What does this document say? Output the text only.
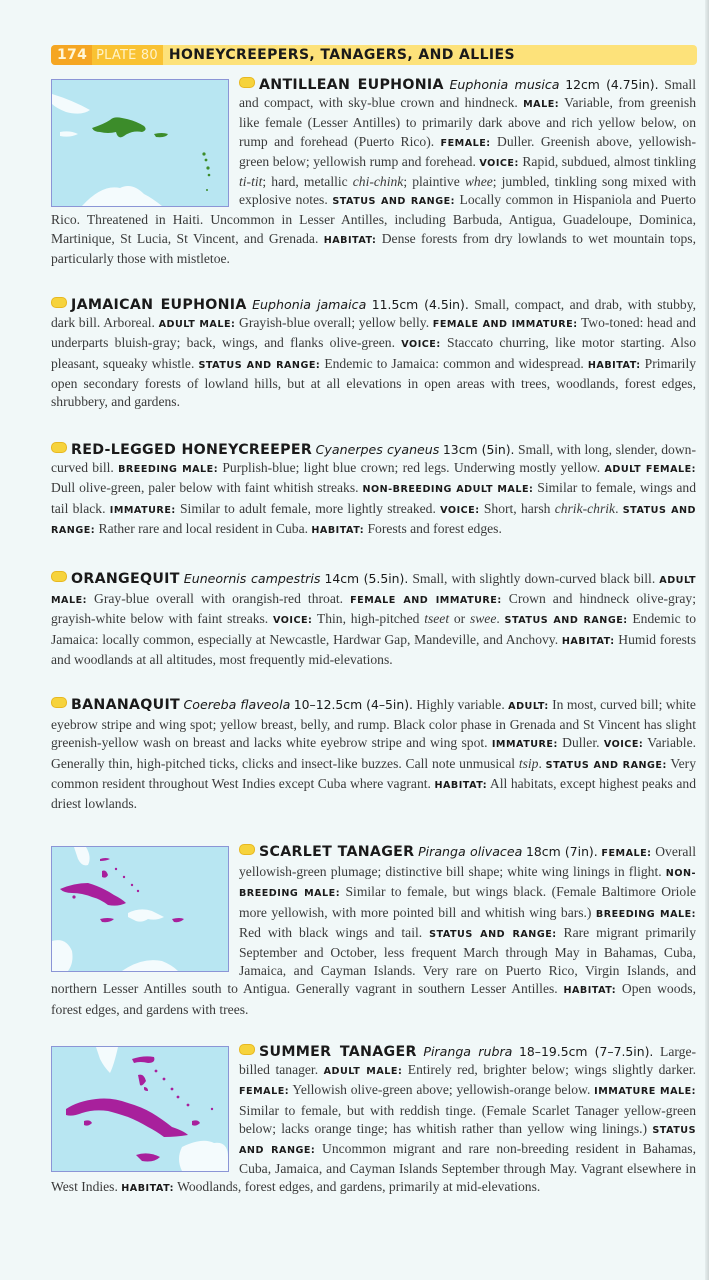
174 PLATE 80 HONEYCREEPERS, TANAGERS, AND ALLIES
ANTILLEAN EUPHONIA Euphonia musica 12cm (4.75in). Small and compact, with sky-blue crown and hindneck. MALE: Variable, from greenish like female (Lesser Antilles) to primarily dark above and rich yellow below, on rump and forehead (Puerto Rico). FEMALE: Duller. Greenish above, yellowish-green below; yellowish rump and forehead. VOICE: Rapid, subdued, almost tinkling ti-tit; hard, metallic chi-chink; plaintive whee; jumbled, tinkling song mixed with explosive notes. STATUS AND RANGE: Locally common in Hispaniola and Puerto Rico. Threatened in Haiti. Uncommon in Lesser Antilles, including Barbuda, Antigua, Guadeloupe, Dominica, Martinique, St Lucia, St Vincent, and Grenada. HABITAT: Dense forests from dry lowlands to wet mountain tops, particularly those with mistletoe.
JAMAICAN EUPHONIA Euphonia jamaica 11.5cm (4.5in). Small, compact, and drab, with stubby, dark bill. Arboreal. ADULT MALE: Grayish-blue overall; yellow belly. FEMALE AND IMMATURE: Two-toned: head and underparts bluish-gray; back, wings, and flanks olive-green. VOICE: Staccato churring, like motor starting. Also pleasant, squeaky whistle. STATUS AND RANGE: Endemic to Jamaica: common and widespread. HABITAT: Primarily open secondary forests of lowland hills, but at all elevations in open areas with trees, woodlands, forest edges, shrubbery, and gardens.
RED-LEGGED HONEYCREEPER Cyanerpes cyaneus 13cm (5in). Small, with long, slender, down-curved bill. BREEDING MALE: Purplish-blue; light blue crown; red legs. Underwing mostly yellow. ADULT FEMALE: Dull olive-green, paler below with faint whitish streaks. NON-BREEDING ADULT MALE: Similar to female, wings and tail black. IMMATURE: Similar to adult female, more lightly streaked. VOICE: Short, harsh chrik-chrik. STATUS AND RANGE: Rather rare and local resident in Cuba. HABITAT: Forests and forest edges.
ORANGEQUIT Euneornis campestris 14cm (5.5in). Small, with slightly down-curved black bill. ADULT MALE: Gray-blue overall with orangish-red throat. FEMALE AND IMMATURE: Crown and hindneck olive-gray; grayish-white below with faint streaks. VOICE: Thin, high-pitched tseet or swee. STATUS AND RANGE: Endemic to Jamaica: locally common, especially at Newcastle, Hardwar Gap, Mandeville, and Anchovy. HABITAT: Humid forests and woodlands at all altitudes, most frequently mid-elevations.
BANANAQUIT Coereba flaveola 10–12.5cm (4–5in). Highly variable. ADULT: In most, curved bill; white eyebrow stripe and wing spot; yellow breast, belly, and rump. Black color phase in Grenada and St Vincent has slight greenish-yellow wash on breast and lacks white eyebrow stripe and wing spot. IMMATURE: Duller. VOICE: Variable. Generally thin, high-pitched ticks, clicks and insect-like buzzes. Call note unmusical tsip. STATUS AND RANGE: Very common resident throughout West Indies except Cuba where vagrant. HABITAT: All habitats, except highest peaks and driest lowlands.
SCARLET TANAGER Piranga olivacea 18cm (7in). FEMALE: Overall yellowish-green plumage; distinctive bill shape; white wing linings in flight. NON-BREEDING MALE: Similar to female, but wings black. (Female Baltimore Oriole more yellowish, with more pointed bill and whitish wing bars.) BREEDING MALE: Red with black wings and tail. STATUS AND RANGE: Rare migrant primarily September and October, less frequent March through May in Bahamas, Cuba, Jamaica, and Cayman Islands. Very rare on Puerto Rico, Virgin Islands, and northern Lesser Antilles south to Antigua. Generally vagrant in southern Lesser Antilles. HABITAT: Open woods, forest edges, and gardens with trees.
SUMMER TANAGER Piranga rubra 18–19.5cm (7–7.5in). Large-billed tanager. ADULT MALE: Entirely red, brighter below; wings slightly darker. FEMALE: Yellowish olive-green above; yellowish-orange below. IMMATURE MALE: Similar to female, but with reddish tinge. (Female Scarlet Tanager yellow-green below; lacks orange tinge; has whitish rather than yellow wing linings.) STATUS AND RANGE: Uncommon migrant and rare non-breeding resident in Bahamas, Cuba, Jamaica, and Cayman Islands September through May. Vagrant elsewhere in West Indies. HABITAT: Woodlands, forest edges, and gardens, primarily at mid-elevations.
